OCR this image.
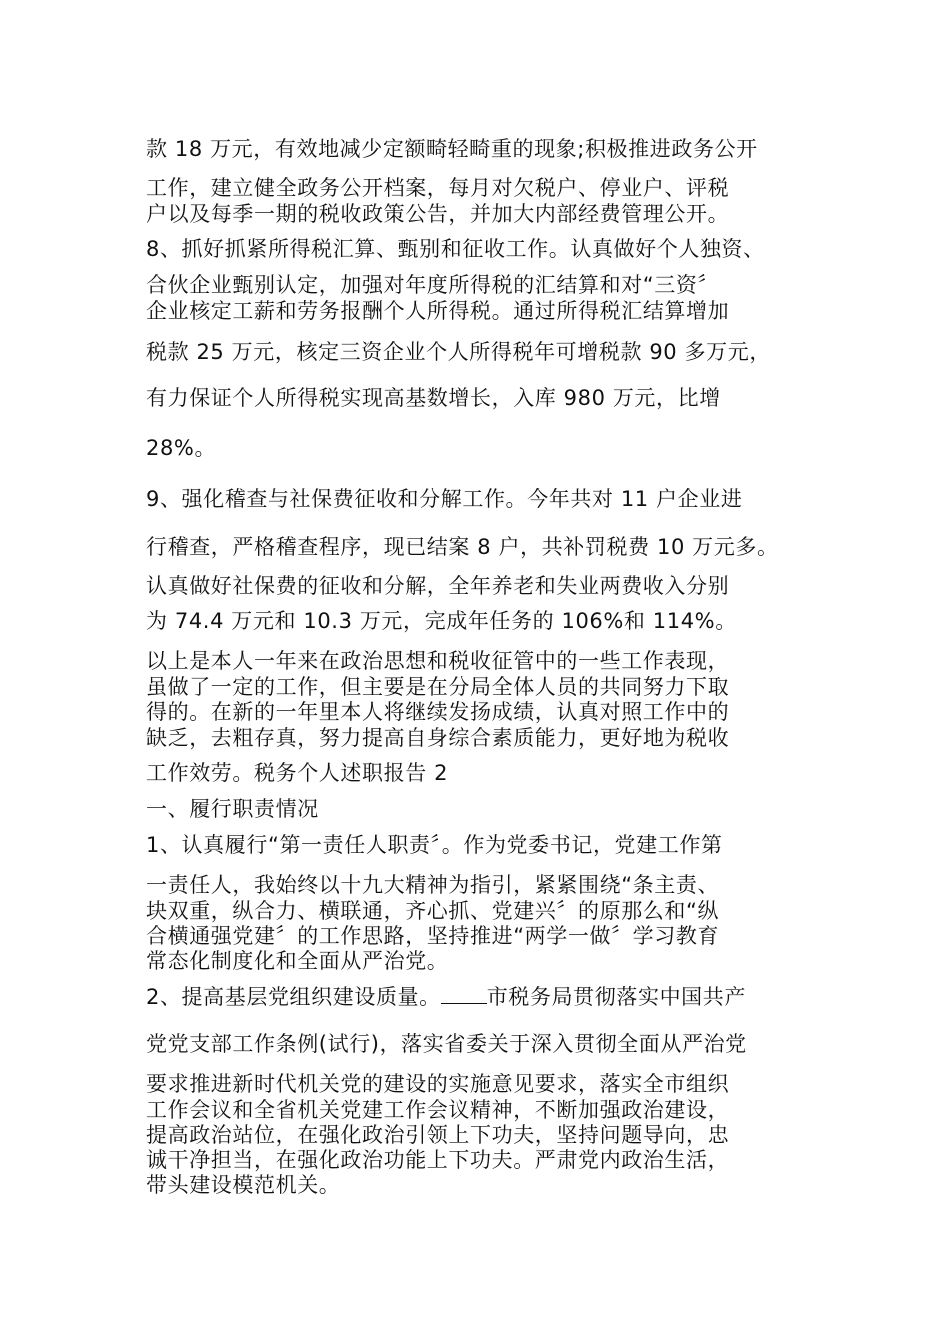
款 18 万元，有效地减少定额畸轻畸重的现象;积极推进政务公开
工作，建立健全政务公开档案，每月对欠税户、停业户、评税
户以及每季一期的税收政策公告，并加大内部经费管理公开。
8、抓好抓紧所得税汇算、甄别和征收工作。认真做好个人独资、
合伙企业甄别认定，加强对年度所得税的汇结算和对“三资〞
企业核定工薪和劳务报酬个人所得税。通过所得税汇结算增加
税款 25 万元，核定三资企业个人所得税年可增税款 90 多万元，
有力保证个人所得税实现高基数增长，入库 980 万元，比增
28%。
9、强化稽查与社保费征收和分解工作。今年共对 11 户企业进
行稽查，严格稽查程序，现已结案 8 户，共补罚税费 10 万元多。
认真做好社保费的征收和分解，全年养老和失业两费收入分别
为 74.4 万元和 10.3 万元，完成年任务的 106%和 114%。
以上是本人一年来在政治思想和税收征管中的一些工作表现，
虽做了一定的工作，但主要是在分局全体人员的共同努力下取
得的。在新的一年里本人将继续发扬成绩，认真对照工作中的
缺乏，去粗存真，努力提高自身综合素质能力，更好地为税收
工作效劳。税务个人述职报告 2
一、履行职责情况
1、认真履行“第一责任人职责〞。作为党委书记，党建工作第
一责任人，我始终以十九大精神为指引，紧紧围绕“条主责、
块双重，纵合力、横联通，齐心抓、党建兴〞的原那么和“纵
合横通强党建〞的工作思路，坚持推进“两学一做〞学习教育
常态化制度化和全面从严治党。
2、提高基层党组织建设质量。 市税务局贯彻落实中国共产
党党支部工作条例(试行)，落实省委关于深入贯彻全面从严治党
要求推进新时代机关党的建设的实施意见要求，落实全市组织
工作会议和全省机关党建工作会议精神，不断加强政治建设，
提高政治站位，在强化政治引领上下功夫，坚持问题导向，忠
诚干净担当，在强化政治功能上下功夫。严肃党内政治生活，
带头建设模范机关。
